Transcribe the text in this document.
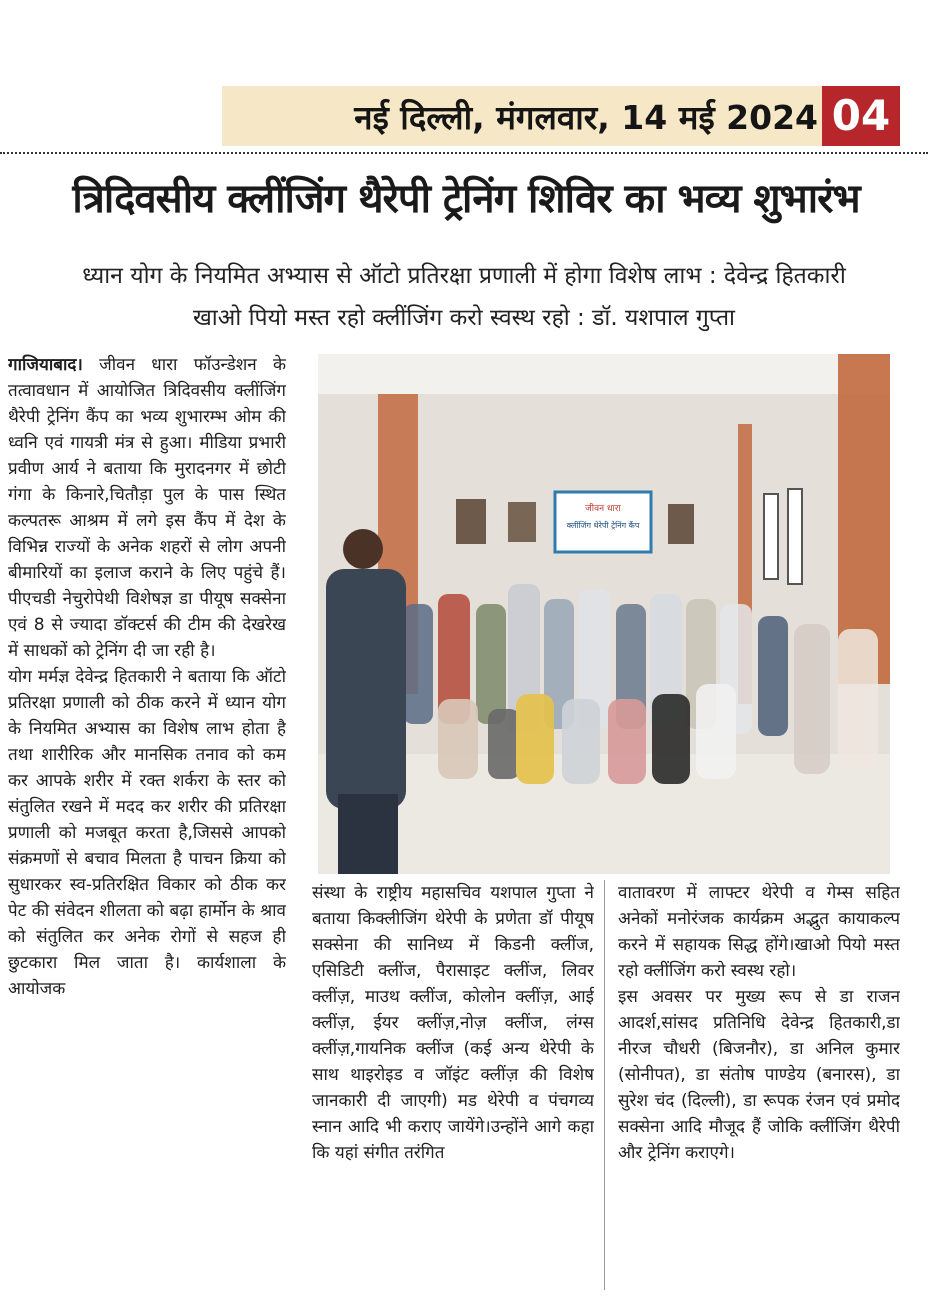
नई दिल्ली, मंगलवार, 14 मई 2024 04
त्रिदिवसीय क्लींजिंग थैरेपी ट्रेनिंग शिविर का भव्य शुभारंभ
ध्यान योग के नियमित अभ्यास से ऑटो प्रतिरक्षा प्रणाली में होगा विशेष लाभ : देवेन्द्र हितकारी
खाओ पियो मस्त रहो क्लींजिंग करो स्वस्थ रहो : डॉ. यशपाल गुप्ता

गाजियाबाद। जीवन धारा फॉउन्डेशन के तत्वावधान में आयोजित त्रिदिवसीय क्लींजिंग थैरेपी ट्रेनिंग कैंप का भव्य शुभारम्भ ओम की ध्वनि एवं गायत्री मंत्र से हुआ। मीडिया प्रभारी प्रवीण आर्य ने बताया कि मुरादनगर में छोटी गंगा के किनारे,चितौड़ा पुल के पास स्थित कल्पतरू आश्रम में लगे इस कैंप में देश के विभिन्न राज्यों के अनेक शहरों से लोग अपनी बीमारियों का इलाज कराने के लिए पहुंचे हैं। पीएचडी नेचुरोपेथी विशेषज्ञ डा पीयूष सक्सेना एवं 8 से ज्यादा डॉक्टर्स की टीम की देखरेख में साधकों को ट्रेनिंग दी जा रही है।

योग मर्मज्ञ देवेन्द्र हितकारी ने बताया कि ऑटो प्रतिरक्षा प्रणाली को ठीक करने में ध्यान योग के नियमित अभ्यास का विशेष लाभ होता है तथा शारीरिक और मानसिक तनाव को कम कर आपके शरीर में रक्त शर्करा के स्तर को संतुलित रखने में मदद कर शरीर की प्रतिरक्षा प्रणाली को मजबूत करता है,जिससे आपको संक्रमणों से बचाव मिलता है पाचन क्रिया को सुधारकर स्व-प्रतिरक्षित विकार को ठीक कर पेट की संवेदन शीलता को बढ़ा हार्मोन के श्राव को संतुलित कर अनेक रोगों से सहज ही छुटकारा मिल जाता है। कार्यशाला के आयोजक

संस्था के राष्ट्रीय महासचिव यशपाल गुप्ता ने बताया किक्लीजिंग थेरेपी के प्रणेता डॉ पीयूष सक्सेना की सानिध्य में किडनी क्लींज, एसिडिटी क्लींज, पैरासाइट क्लींज, लिवर क्लींज़, माउथ क्लींज, कोलोन क्लींज़, आई क्लींज़, ईयर क्लींज़,नोज़ क्लींज, लंग्स क्लींज़,गायनिक क्लींज (कई अन्य थेरेपी के साथ थाइरोइड व जॉइंट क्लींज़ की विशेष जानकारी दी जाएगी) मड थेरेपी व पंचगव्य स्नान आदि भी कराए जायेंगे।उन्होंने आगे कहा कि यहां संगीत तरंगित

वातावरण में लाफ्टर थेरेपी व गेम्स सहित अनेकों मनोरंजक कार्यक्रम अद्भुत कायाकल्प करने में सहायक सिद्ध होंगे।खाओ पियो मस्त रहो क्लींजिंग करो स्वस्थ रहो।

इस अवसर पर मुख्य रूप से डा राजन आदर्श,सांसद प्रतिनिधि देवेन्द्र हितकारी,डा नीरज चौधरी (बिजनौर), डा अनिल कुमार (सोनीपत), डा संतोष पाण्डेय (बनारस), डा सुरेश चंद (दिल्ली), डा रूपक रंजन एवं प्रमोद सक्सेना आदि मौजूद हैं जोकि क्लींजिंग थैरेपी और ट्रेनिंग कराएगे।

जीवन धारा
क्लींजिंग थेरेपी ट्रेनिंग कैंप
